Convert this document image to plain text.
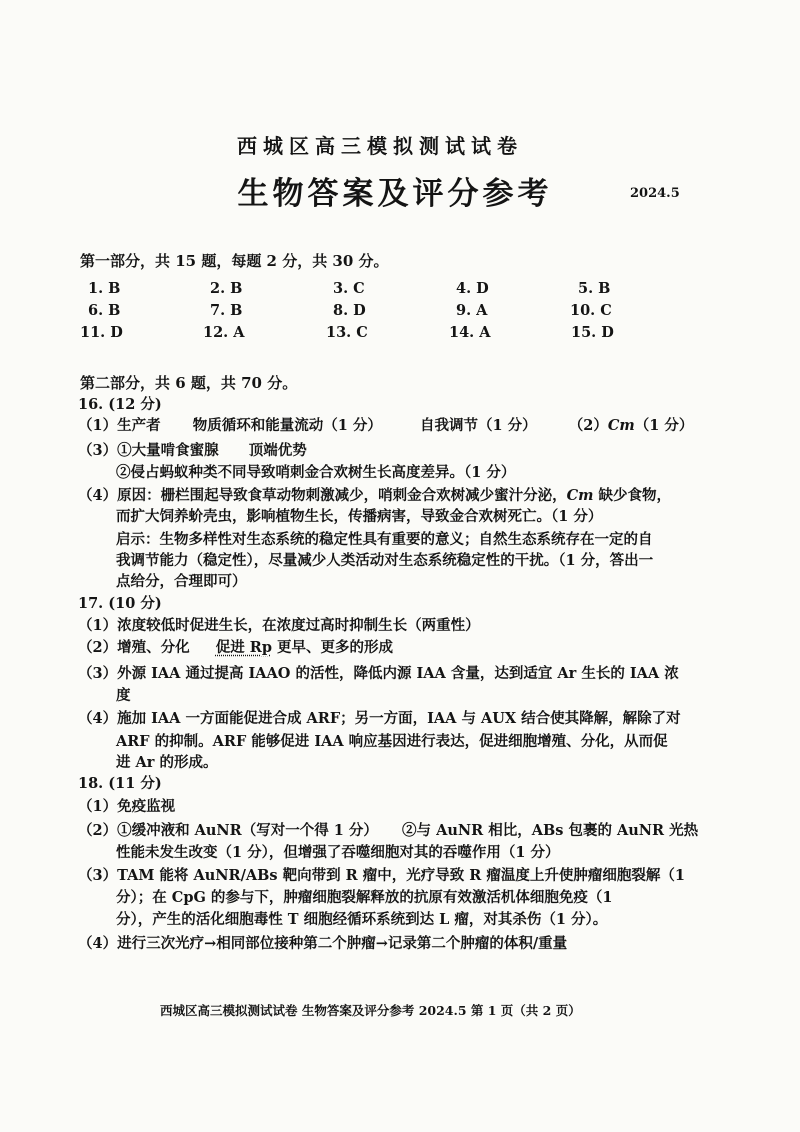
西城区高三模拟测试试卷
生物答案及评分参考	2024.5
第一部分，共 15 题，每题 2 分，共 30 分。
1. B	2. B	3. C	4. D	5. B
6. B	7. B	8. D	9. A	10. C
11. D	12. A	13. C	14. A	15. D
第二部分，共 6 题，共 70 分。
16. (12 分)
（1）生产者 物质循环和能量流动（1 分）	自我调节（1 分） （2）Cm（1 分）
（3）①大量啃食蜜腺 顶端优势
②侵占蚂蚁种类不同导致哨刺金合欢树生长高度差异。（1 分）
（4）原因：栅栏围起导致食草动物刺激减少，哨刺金合欢树减少蜜汁分泌，Cm 缺少食物，
而扩大饲养蚧壳虫，影响植物生长，传播病害，导致金合欢树死亡。（1 分）
启示：生物多样性对生态系统的稳定性具有重要的意义；自然生态系统存在一定的自
我调节能力（稳定性），尽量减少人类活动对生态系统稳定性的干扰。（1 分，答出一
点给分，合理即可）
17. (10 分)
（1）浓度较低时促进生长，在浓度过高时抑制生长（两重性）
（2）增殖、分化 促进 Rp 更早、更多的形成
（3）外源 IAA 通过提高 IAAO 的活性，降低内源 IAA 含量，达到适宜 Ar 生长的 IAA 浓
度
（4）施加 IAA 一方面能促进合成 ARF；另一方面，IAA 与 AUX 结合使其降解，解除了对
ARF 的抑制。ARF 能够促进 IAA 响应基因进行表达，促进细胞增殖、分化，从而促
进 Ar 的形成。
18. (11 分)
（1）免疫监视
（2）①缓冲液和 AuNR（写对一个得 1 分） ②与 AuNR 相比，ABs 包裹的 AuNR 光热
性能未发生改变（1 分），但增强了吞噬细胞对其的吞噬作用（1 分）
（3）TAM 能将 AuNR/ABs 靶向带到 R 瘤中，光疗导致 R 瘤温度上升使肿瘤细胞裂解（1
分）；在 CpG 的参与下，肿瘤细胞裂解释放的抗原有效激活机体细胞免疫（1
分），产生的活化细胞毒性 T 细胞经循环系统到达 L 瘤，对其杀伤（1 分）。
（4）进行三次光疗→相同部位接种第二个肿瘤→记录第二个肿瘤的体积/重量
西城区高三模拟测试试卷 生物答案及评分参考 2024.5 第 1 页（共 2 页）
